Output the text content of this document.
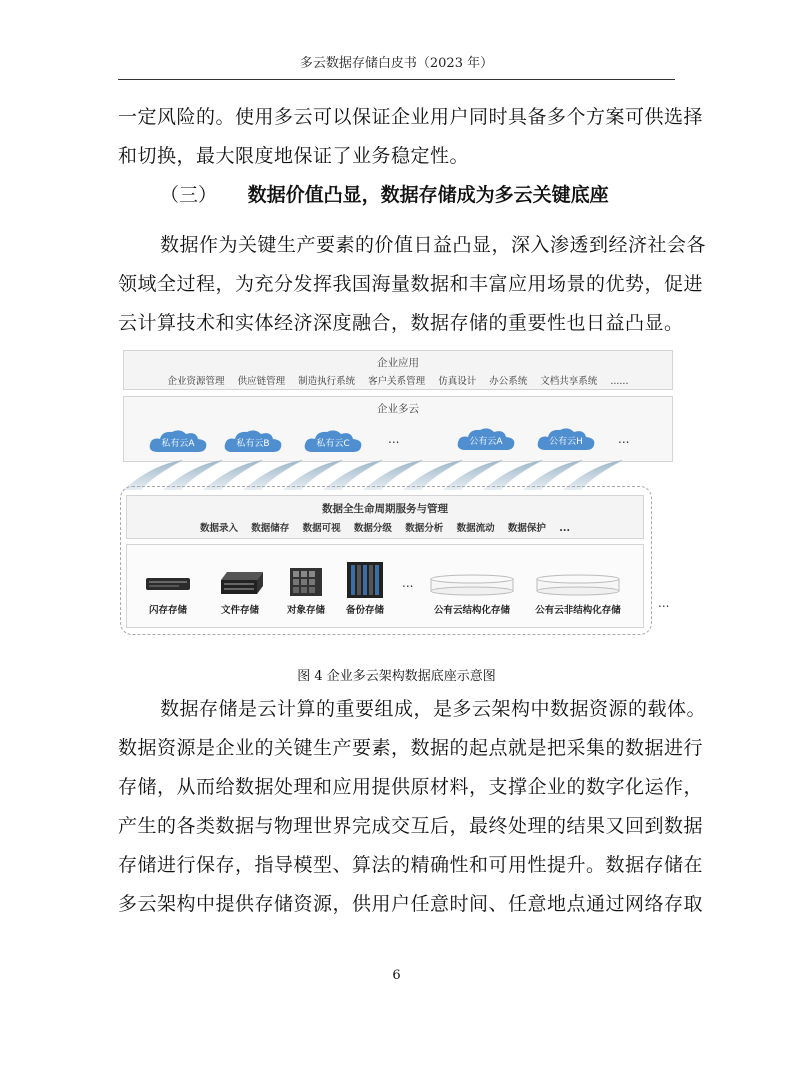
多云数据存储白皮书（2023 年）

一定风险的。使用多云可以保证企业用户同时具备多个方案可供选择

和切换，最大限度地保证了业务稳定性。

（三） 数据价值凸显，数据存储成为多云关键底座

数据作为关键生产要素的价值日益凸显，深入渗透到经济社会各

领域全过程，为充分发挥我国海量数据和丰富应用场景的优势，促进

云计算技术和实体经济深度融合，数据存储的重要性也日益凸显。

企业应用
企业资源管理 供应链管理 制造执行系统 客户关系管理 仿真设计 办公系统 文档共享系统 ......
企业多云
私有云A	私有云B	私有云C	...	公有云A	公有云H	...
数据全生命周期服务与管理
数据录入 数据储存 数据可视 数据分级 数据分析 数据流动 数据保护 ...
闪存存储	文件存储	对象存储	备份存储
...
公有云结构化存储	公有云非结构化存储
...
图 4 企业多云架构数据底座示意图

数据存储是云计算的重要组成，是多云架构中数据资源的载体。

数据资源是企业的关键生产要素，数据的起点就是把采集的数据进行

存储，从而给数据处理和应用提供原材料，支撑企业的数字化运作，

产生的各类数据与物理世界完成交互后，最终处理的结果又回到数据

存储进行保存，指导模型、算法的精确性和可用性提升。数据存储在

多云架构中提供存储资源，供用户任意时间、任意地点通过网络存取

6
